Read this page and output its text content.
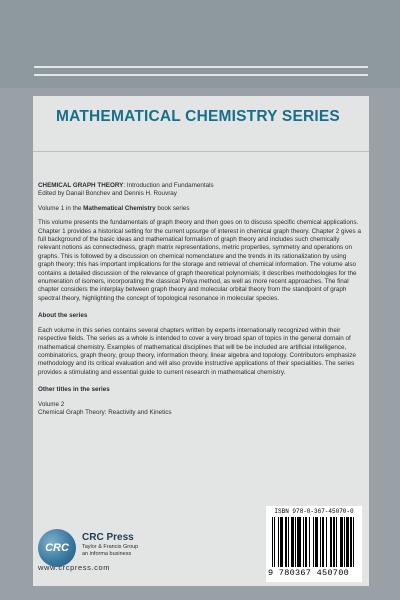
MATHEMATICAL CHEMISTRY SERIES

CHEMICAL GRAPH THEORY: Introduction and Fundamentals

Edited by Danail Bonchev and Dennis H. Rouvray

Volume 1 in the Mathematical Chemistry book series

This volume presents the fundamentals of graph theory and then goes on to discuss specific chemical applications. Chapter 1 provides a historical setting for the current upsurge of interest in chemical graph theory. Chapter 2 gives a full background of the basic ideas and mathematical formalism of graph theory and includes such chemically relevant notions as connectedness, graph matrix representations, metric properties, symmetry and operations on graphs. This is followed by a discussion on chemical nomenclature and the trends in its rationalization by using graph theory; this has important implications for the storage and retrieval of chemical information. The volume also contains a detailed discussion of the relevance of graph theoretical polynomials; it describes methodologies for the enumeration of isomers, incorporating the classical Polya method, as well as more recent approaches. The final chapter considers the interplay between graph theory and molecular orbital theory from the standpoint of graph spectral theory, highlighting the concept of topological resonance in molecular species.

About the series

Each volume in this series contains several chapters written by experts internationally recognized within their respective fields. The series as a whole is intended to cover a very broad span of topics in the general domain of mathematical chemistry. Examples of mathematical disciplines that will be be included are artificial intelligence, combinatorics, graph theory, group theory, information theory, linear algebra and topology. Contributors emphasize methodology and its critical evaluation and will also provide instructive applications of their specialities. The series provides a stimulating and essential guide to current research in mathematical chemistry.

Other titles in the series

Volume 2

Chemical Graph Theory: Reactivity and Kinetics

CRC
CRC Press
Taylor & Francis Group
an informa business
www.crcpress.com
ISBN 978-0-367-45070-0
9 780367 450700
